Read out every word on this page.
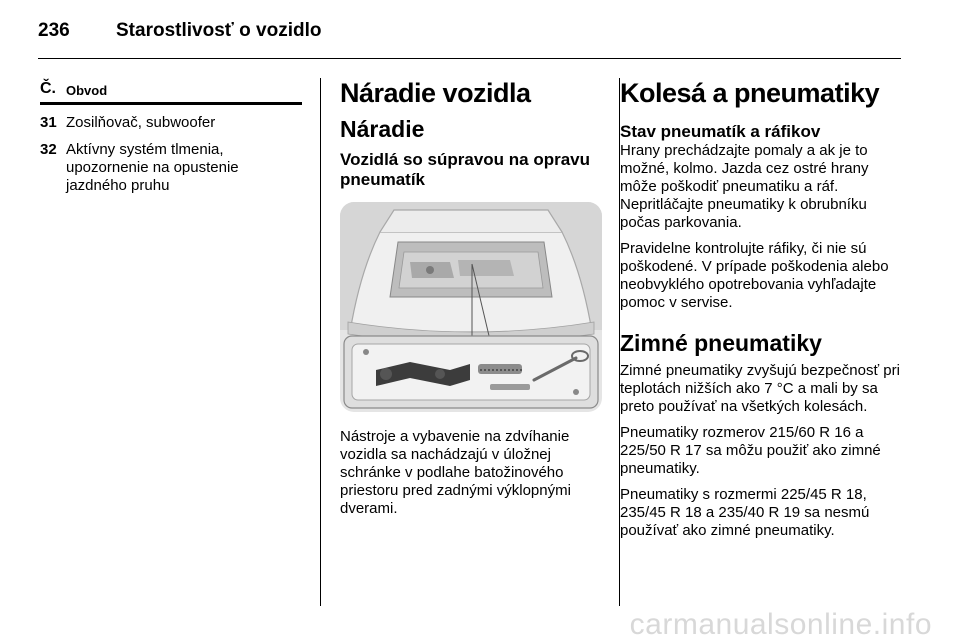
236 Starostlivosť o vozidlo
Č. Obvod
31 Zosilňovač, subwoofer
32 Aktívny systém tlmenia, upozornenie na opustenie jazdného pruhu
Náradie vozidla
Náradie
Vozidlá so súpravou na opravu pneumatík

Nástroje a vybavenie na zdvíhanie vozidla sa nachádzajú v úložnej schránke v podlahe batožinového priestoru pred zadnými výklopnými dverami.

Kolesá a pneumatiky
Stav pneumatík a ráfikov

Hrany prechádzajte pomaly a ak je to možné, kolmo. Jazda cez ostré hrany môže poškodiť pneumatiku a ráf. Nepritláčajte pneumatiky k obrubníku počas parkovania.

Pravidelne kontrolujte ráfiky, či nie sú poškodené. V prípade poškodenia alebo neobvyklého opotrebovania vyhľadajte pomoc v servise.

Zimné pneumatiky

Zimné pneumatiky zvyšujú bezpečnosť pri teplotách nižších ako 7 °C a mali by sa preto používať na všetkých kolesách.

Pneumatiky rozmerov 215/60 R 16 a 225/50 R 17 sa môžu použiť ako zimné pneumatiky.

Pneumatiky s rozmermi 225/45 R 18, 235/45 R 18 a 235/40 R 19 sa nesmú používať ako zimné pneumatiky.

carmanualsonline.info
